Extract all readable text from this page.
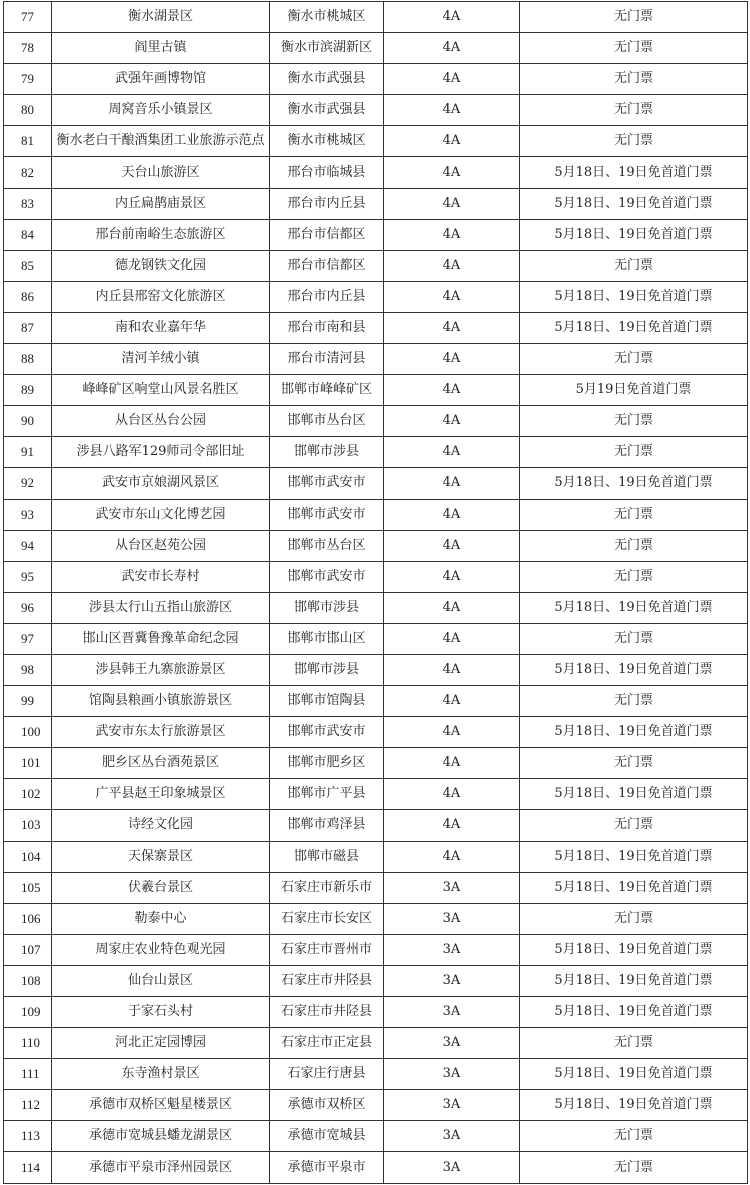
77	衡水湖景区	衡水市桃城区	4A	无门票
78	阎里古镇	衡水市滨湖新区	4A	无门票
79	武强年画博物馆	衡水市武强县	4A	无门票
80	周窝音乐小镇景区	衡水市武强县	4A	无门票
81	衡水老白干酿酒集团工业旅游示范点	衡水市桃城区	4A	无门票
82	天台山旅游区	邢台市临城县	4A	5月18日、19日免首道门票
83	内丘扁鹊庙景区	邢台市内丘县	4A	5月18日、19日免首道门票
84	邢台前南峪生态旅游区	邢台市信都区	4A	5月18日、19日免首道门票
85	德龙钢铁文化园	邢台市信都区	4A	无门票
86	内丘县邢窑文化旅游区	邢台市内丘县	4A	5月18日、19日免首道门票
87	南和农业嘉年华	邢台市南和县	4A	5月18日、19日免首道门票
88	清河羊绒小镇	邢台市清河县	4A	无门票
89	峰峰矿区响堂山风景名胜区	邯郸市峰峰矿区	4A	5月19日免首道门票
90	从台区丛台公园	邯郸市丛台区	4A	无门票
91	涉县八路军129师司令部旧址	邯郸市涉县	4A	无门票
92	武安市京娘湖风景区	邯郸市武安市	4A	5月18日、19日免首道门票
93	武安市东山文化博艺园	邯郸市武安市	4A	无门票
94	从台区赵苑公园	邯郸市丛台区	4A	无门票
95	武安市长寿村	邯郸市武安市	4A	无门票
96	涉县太行山五指山旅游区	邯郸市涉县	4A	5月18日、19日免首道门票
97	邯山区晋冀鲁豫革命纪念园	邯郸市邯山区	4A	无门票
98	涉县韩王九寨旅游景区	邯郸市涉县	4A	5月18日、19日免首道门票
99	馆陶县粮画小镇旅游景区	邯郸市馆陶县	4A	无门票
100	武安市东太行旅游景区	邯郸市武安市	4A	5月18日、19日免首道门票
101	肥乡区丛台酒苑景区	邯郸市肥乡区	4A	无门票
102	广平县赵王印象城景区	邯郸市广平县	4A	5月18日、19日免首道门票
103	诗经文化园	邯郸市鸡泽县	4A	无门票
104	天保寨景区	邯郸市磁县	4A	5月18日、19日免首道门票
105	伏羲台景区	石家庄市新乐市	3A	5月18日、19日免首道门票
106	勒泰中心	石家庄市长安区	3A	无门票
107	周家庄农业特色观光园	石家庄市晋州市	3A	5月18日、19日免首道门票
108	仙台山景区	石家庄市井陉县	3A	5月18日、19日免首道门票
109	于家石头村	石家庄市井陉县	3A	5月18日、19日免首道门票
110	河北正定园博园	石家庄市正定县	3A	无门票
111	东寺渔村景区	石家庄行唐县	3A	5月18日、19日免首道门票
112	承德市双桥区魁星楼景区	承德市双桥区	3A	5月18日、19日免首道门票
113	承德市宽城县蟠龙湖景区	承德市宽城县	3A	无门票
114	承德市平泉市泽州园景区	承德市平泉市	3A	无门票
